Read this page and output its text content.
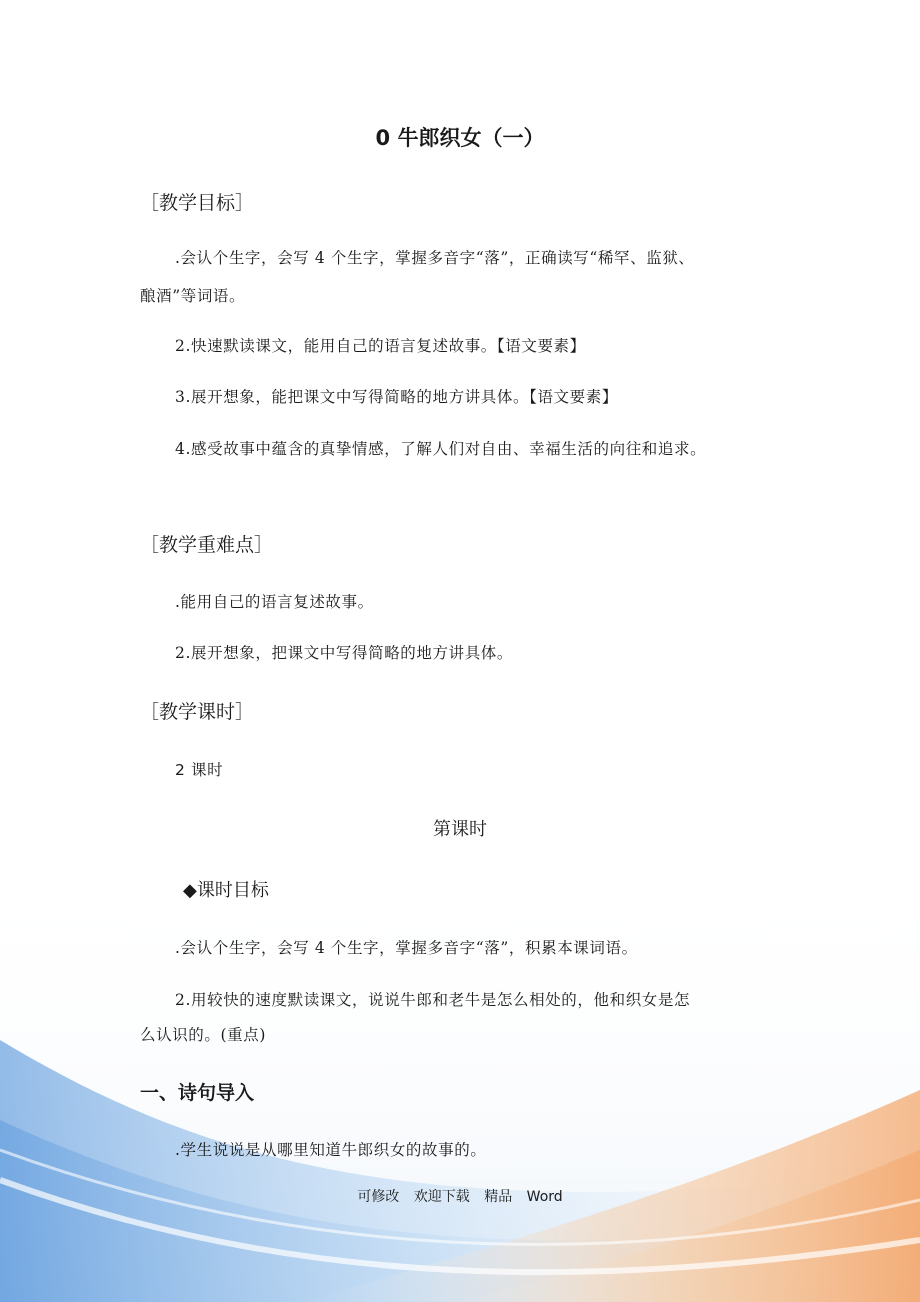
0 牛郎织女（一）
［教学目标］
.会认个生字，会写 4 个生字，掌握多音字“落”，正确读写“稀罕、监狱、
酿酒”等词语。
2.快速默读课文，能用自己的语言复述故事。【语文要素】
3.展开想象，能把课文中写得简略的地方讲具体。【语文要素】
4.感受故事中蕴含的真挚情感，了解人们对自由、幸福生活的向往和追求。
［教学重难点］
.能用自己的语言复述故事。
2.展开想象，把课文中写得简略的地方讲具体。
［教学课时］
2 课时
第课时
◆课时目标
.会认个生字，会写 4 个生字，掌握多音字“落”，积累本课词语。
2.用较快的速度默读课文，说说牛郎和老牛是怎么相处的，他和织女是怎
么认识的。(重点)
一、诗句导入
.学生说说是从哪里知道牛郎织女的故事的。
可修改 欢迎下载 精品 Word
